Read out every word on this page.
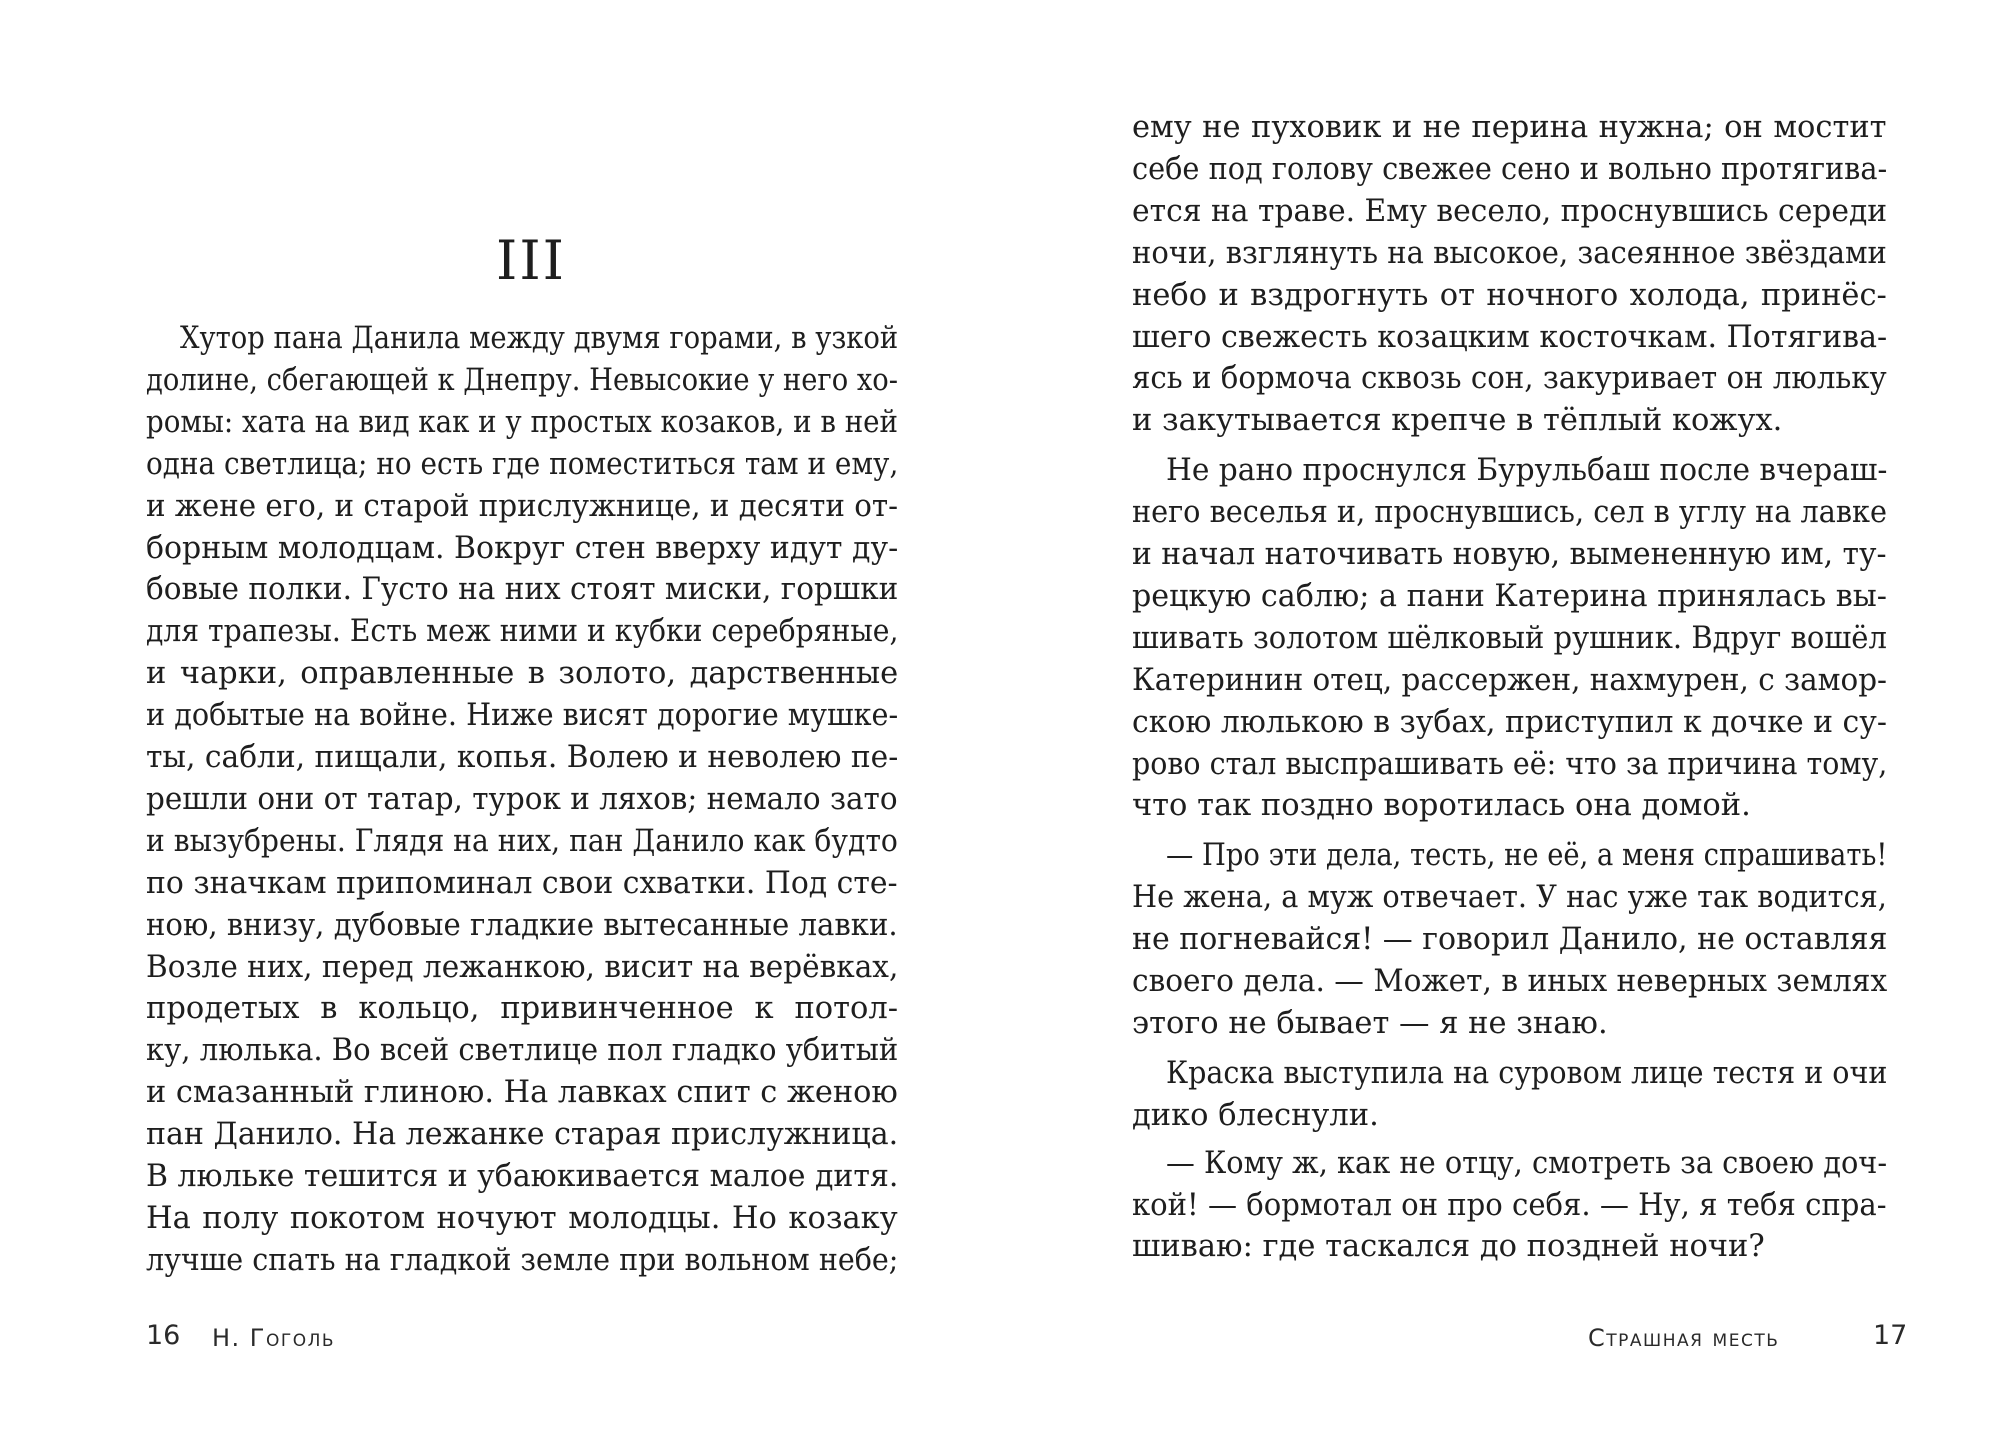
III

Хутор пана Данила между двумя горами, в узкой

долине, сбегающей к Днепру. Невысокие у него хо-

ромы: хата на вид как и у простых козаков, и в ней

одна светлица; но есть где поместиться там и ему,

и жене его, и старой прислужнице, и десяти от-

борным молодцам. Вокруг стен вверху идут ду-

бовые полки. Густо на них стоят миски, горшки

для трапезы. Есть меж ними и кубки серебряные,

и чарки, оправленные в золото, дарственные

и добытые на войне. Ниже висят дорогие мушке-

ты, сабли, пищали, копья. Волею и неволею пе-

решли они от татар, турок и ляхов; немало зато

и вызубрены. Глядя на них, пан Данило как будто

по значкам припоминал свои схватки. Под сте-

ною, внизу, дубовые гладкие вытесанные лавки.

Возле них, перед лежанкою, висит на верёвках,

продетых в кольцо, привинченное к потол-

ку, люлька. Во всей светлице пол гладко убитый

и смазанный глиною. На лавках спит с женою

пан Данило. На лежанке старая прислужница.

В люльке тешится и убаюкивается малое дитя.

На полу покотом ночуют молодцы. Но козаку

лучше спать на гладкой земле при вольном небе;

16 Н. Гоголь

ему не пуховик и не перина нужна; он мостит

себе под голову свежее сено и вольно протягива-

ется на траве. Ему весело, проснувшись середи

ночи, взглянуть на высокое, засеянное звёздами

небо и вздрогнуть от ночного холода, принёс-

шего свежесть козацким косточкам. Потягива-

ясь и бормоча сквозь сон, закуривает он люльку

и закутывается крепче в тёплый кожух.

Не рано проснулся Бурульбаш после вчераш-

него веселья и, проснувшись, сел в углу на лавке

и начал наточивать новую, вымененную им, ту-

рецкую саблю; а пани Катерина принялась вы-

шивать золотом шёлковый рушник. Вдруг вошёл

Катеринин отец, рассержен, нахмурен, с замор-

скою люлькою в зубах, приступил к дочке и су-

рово стал выспрашивать её: что за причина тому,

что так поздно воротилась она домой.

— Про эти дела, тесть, не её, а меня спрашивать!

Не жена, а муж отвечает. У нас уже так водится,

не погневайся! — говорил Данило, не оставляя

своего дела. — Может, в иных неверных землях

этого не бывает — я не знаю.

Краска выступила на суровом лице тестя и очи

дико блеснули.

— Кому ж, как не отцу, смотреть за своею доч-

кой! — бормотал он про себя. — Ну, я тебя спра-

шиваю: где таскался до поздней ночи?

Страшная месть	17
